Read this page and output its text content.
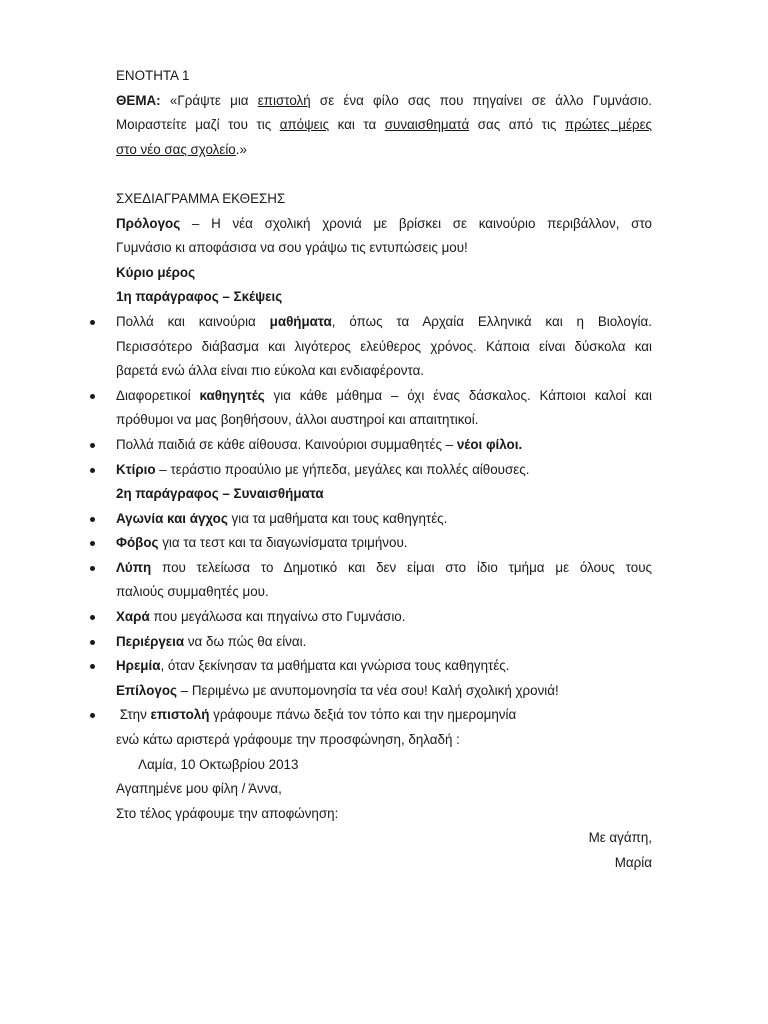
ΕΝΟΤΗΤΑ 1
ΘΕΜΑ: «Γράψτε μια επιστολή σε ένα φίλο σας που πηγαίνει σε άλλο Γυμνάσιο.
Μοιραστείτε μαζί του τις απόψεις και τα συναισθηματά σας από τις πρώτες μέρες
στο νέο σας σχολείο.»
ΣΧΕΔΙΑΓΡΑΜΜΑ ΕΚΘΕΣΗΣ
Πρόλογος – Η νέα σχολική χρονιά με βρίσκει σε καινούριο περιβάλλον, στο
Γυμνάσιο κι αποφάσισα να σου γράψω τις εντυπώσεις μου!
Κύριο μέρος
1η παράγραφος – Σκέψεις
Πολλά και καινούρια μαθήματα, όπως τα Αρχαία Ελληνικά και η Βιολογία.
Περισσότερο διάβασμα και λιγότερος ελεύθερος χρόνος. Κάποια είναι δύσκολα και
βαρετά ενώ άλλα είναι πιο εύκολα και ενδιαφέροντα.
Διαφορετικοί καθηγητές για κάθε μάθημα – όχι ένας δάσκαλος. Κάποιοι καλοί και
πρόθυμοι να μας βοηθήσουν, άλλοι αυστηροί και απαιτητικοί.
Πολλά παιδιά σε κάθε αίθουσα. Καινούριοι συμμαθητές – νέοι φίλοι.
Κτίριο – τεράστιο προαύλιο με γήπεδα, μεγάλες και πολλές αίθουσες.
2η παράγραφος – Συναισθήματα
Αγωνία και άγχος για τα μαθήματα και τους καθηγητές.
Φόβος για τα τεστ και τα διαγωνίσματα τριμήνου.
Λύπη που τελείωσα το Δημοτικό και δεν είμαι στο ίδιο τμήμα με όλους τους
παλιούς συμμαθητές μου.
Χαρά που μεγάλωσα και πηγαίνω στο Γυμνάσιο.
Περιέργεια να δω πώς θα είναι.
Ηρεμία, όταν ξεκίνησαν τα μαθήματα και γνώρισα τους καθηγητές.
Επίλογος – Περιμένω με ανυπομονησία τα νέα σου! Καλή σχολική χρονιά!
Στην επιστολή γράφουμε πάνω δεξιά τον τόπο και την ημερομηνία
ενώ κάτω αριστερά γράφουμε την προσφώνηση, δηλαδή :
Λαμία, 10 Οκτωβρίου 2013
Αγαπημένε μου φίλη / Άννα,
Στο τέλος γράφουμε την αποφώνηση:
Με αγάπη,
Μαρία
